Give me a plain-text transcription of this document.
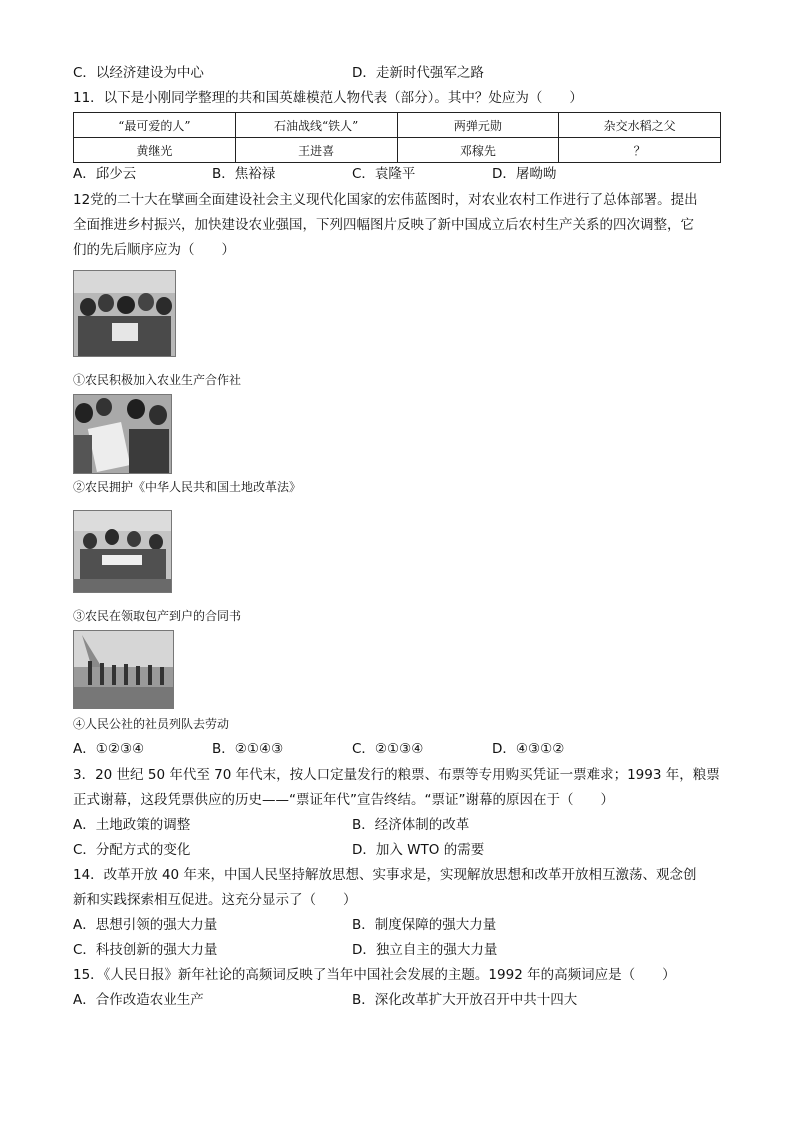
C．以经济建设为中心	D．走新时代强军之路
11．以下是小刚同学整理的共和国英雄模范人物代表（部分）。其中？处应为（　　）
“最可爱的人”	石油战线“铁人”	两弹元勋	杂交水稻之父
黄继光	王进喜	邓稼先	？
A．邱少云	B．焦裕禄	C．袁隆平	D．屠呦呦
12党的二十大在擘画全面建设社会主义现代化国家的宏伟蓝图时，对农业农村工作进行了总体部署。提出
全面推进乡村振兴，加快建设农业强国，下列四幅图片反映了新中国成立后农村生产关系的四次调整，它
们的先后顺序应为（　　）
①农民积极加入农业生产合作社
②农民拥护《中华人民共和国土地改革法》
③农民在领取包产到户的合同书
④人民公社的社员列队去劳动
A．①②③④	B．②①④③	C．②①③④	D．④③①②
3．20 世纪 50 年代至 70 年代末，按人口定量发行的粮票、布票等专用购买凭证一票难求；1993 年，粮票
正式谢幕，这段凭票供应的历史——“票证年代”宣告终结。“票证”谢幕的原因在于（　　）
A．土地政策的调整	B．经济体制的改革
C．分配方式的变化	D．加入 WTO 的需要
14．改革开放 40 年来，中国人民坚持解放思想、实事求是，实现解放思想和改革开放相互激荡、观念创
新和实践探索相互促进。这充分显示了（　　）
A．思想引领的强大力量	B．制度保障的强大力量
C．科技创新的强大力量	D．独立自主的强大力量
15．《人民日报》新年社论的高频词反映了当年中国社会发展的主题。1992 年的高频词应是（　　）
A．合作改造农业生产	B．深化改革扩大开放召开中共十四大
